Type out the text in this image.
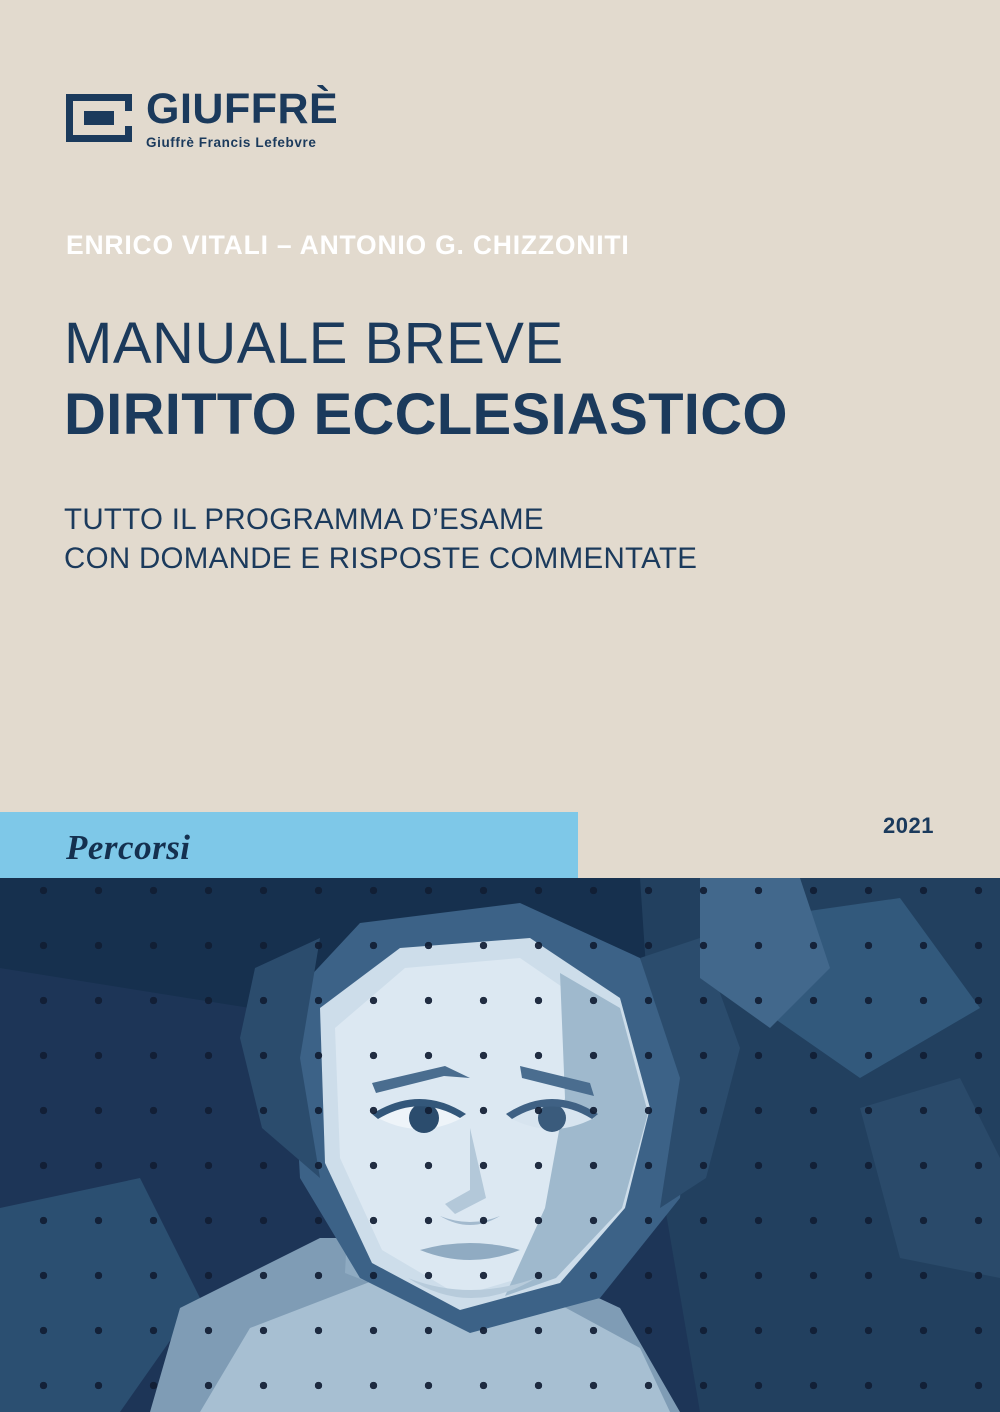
GIUFFRÈ
Giuffrè Francis Lefebvre
ENRICO VITALI – ANTONIO G. CHIZZONITI
MANUALE BREVE
DIRITTO ECCLESIASTICO
TUTTO IL PROGRAMMA D’ESAME
CON DOMANDE E RISPOSTE COMMENTATE
Percorsi
2021
